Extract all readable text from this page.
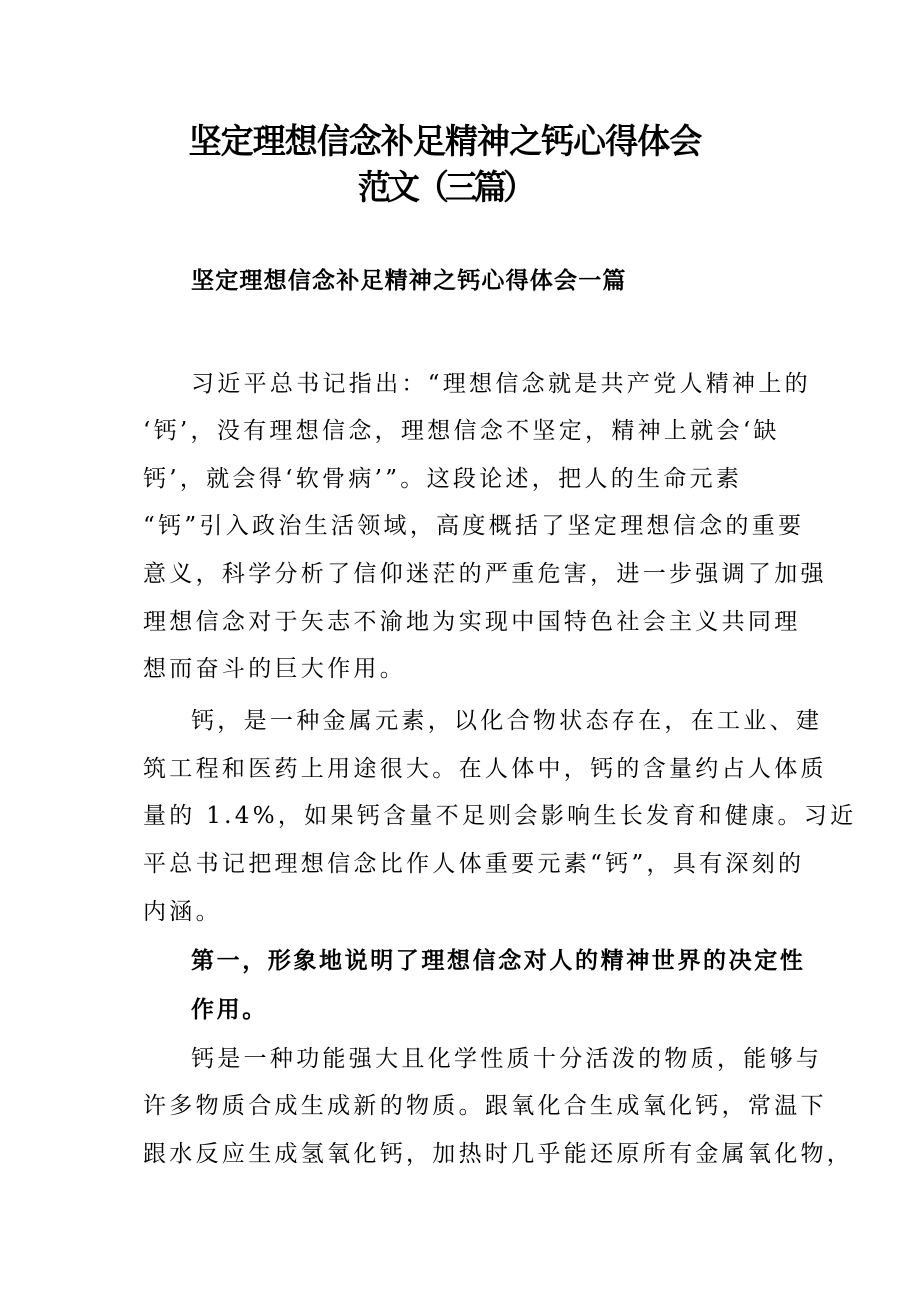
坚定理想信念补足精神之钙心得体会
范文（三篇）
坚定理想信念补足精神之钙心得体会一篇
习近平总书记指出：“理想信念就是共产党人精神上的
‘钙’，没有理想信念，理想信念不坚定，精神上就会‘缺
钙’，就会得‘软骨病’”。这段论述，把人的生命元素
“钙”引入政治生活领域，高度概括了坚定理想信念的重要
意义，科学分析了信仰迷茫的严重危害，进一步强调了加强
理想信念对于矢志不渝地为实现中国特色社会主义共同理
想而奋斗的巨大作用。
钙，是一种金属元素，以化合物状态存在，在工业、建
筑工程和医药上用途很大。在人体中，钙的含量约占人体质
量的 1.4%，如果钙含量不足则会影响生长发育和健康。习近
平总书记把理想信念比作人体重要元素“钙”，具有深刻的
内涵。
第一，形象地说明了理想信念对人的精神世界的决定性
作用。
钙是一种功能强大且化学性质十分活泼的物质，能够与
许多物质合成生成新的物质。跟氧化合生成氧化钙，常温下
跟水反应生成氢氧化钙，加热时几乎能还原所有金属氧化物，
